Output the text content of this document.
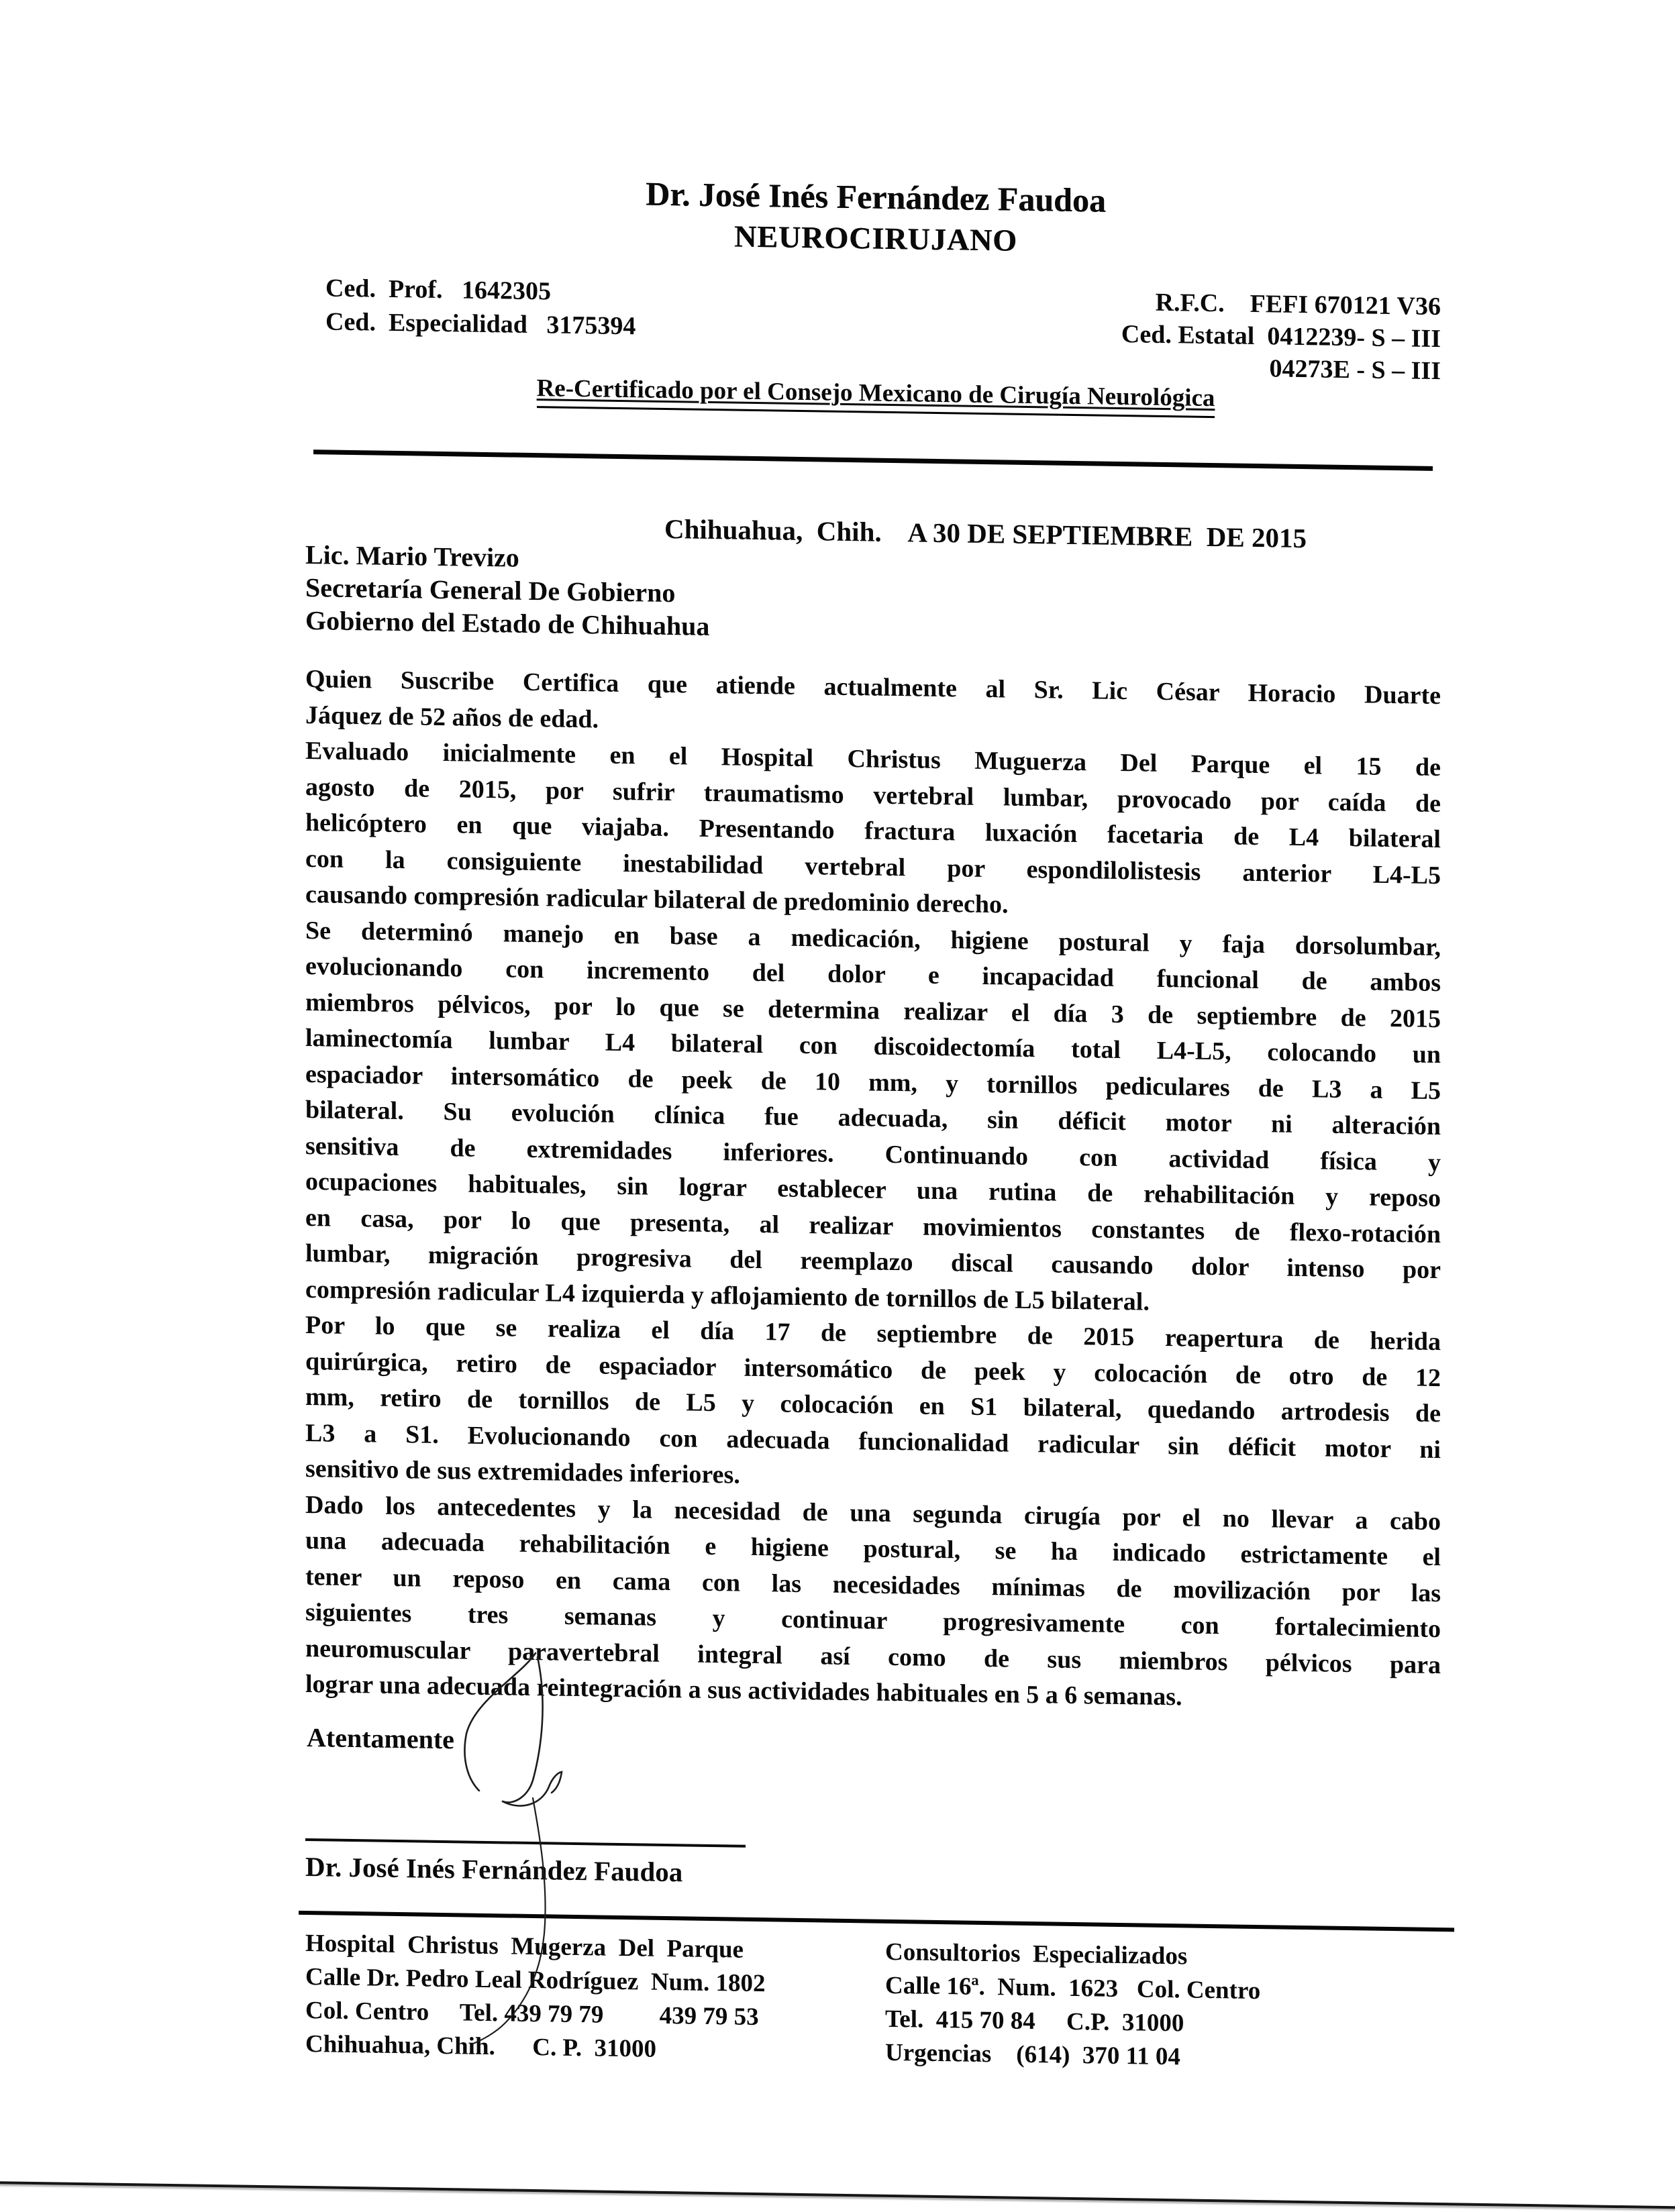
Dr. José Inés Fernández Faudoa
NEUROCIRUJANO
Ced.  Prof.   1642305
Ced.  Especialidad   3175394
R.F.C.    FEFI 670121 V36
Ced. Estatal  0412239- S – III
04273E - S – III
Re-Certificado por el Consejo Mexicano de Cirugía Neurológica
Chihuahua,  Chih.    A 30 DE SEPTIEMBRE  DE 2015
Lic. Mario Trevizo
Secretaría General De Gobierno
Gobierno del Estado de Chihuahua
Quien Suscribe Certifica que atiende actualmente al Sr. Lic César Horacio Duarte
Jáquez de 52 años de edad.
Evaluado inicialmente en el Hospital Christus Muguerza Del Parque el 15 de
agosto de 2015, por sufrir traumatismo vertebral lumbar, provocado por caída de
helicóptero en que viajaba. Presentando fractura luxación facetaria de L4 bilateral
con la consiguiente inestabilidad vertebral por espondilolistesis anterior L4-L5
causando compresión radicular bilateral de predominio derecho.
Se determinó manejo en base a medicación, higiene postural y faja dorsolumbar,
evolucionando con incremento del dolor e incapacidad funcional de ambos
miembros pélvicos, por lo que se determina realizar el día 3 de septiembre de 2015
laminectomía lumbar L4 bilateral con discoidectomía total L4-L5, colocando un
espaciador intersomático de peek de 10 mm, y tornillos pediculares de L3 a L5
bilateral. Su evolución clínica fue adecuada, sin déficit motor ni alteración
sensitiva de extremidades inferiores. Continuando con actividad física y
ocupaciones habituales, sin lograr establecer una rutina de rehabilitación y reposo
en casa, por lo que presenta, al realizar movimientos constantes de flexo-rotación
lumbar, migración progresiva del reemplazo discal causando dolor intenso por
compresión radicular L4 izquierda y aflojamiento de tornillos de L5 bilateral.
Por lo que se realiza el día 17 de septiembre de 2015 reapertura de herida
quirúrgica, retiro de espaciador intersomático de peek y colocación de otro de 12
mm, retiro de tornillos de L5 y colocación en S1 bilateral, quedando artrodesis de
L3 a S1. Evolucionando con adecuada funcionalidad radicular sin déficit motor ni
sensitivo de sus extremidades inferiores.
Dado los antecedentes y la necesidad de una segunda cirugía por el no llevar a cabo
una adecuada rehabilitación e higiene postural, se ha indicado estrictamente el
tener un reposo en cama con las necesidades mínimas de movilización por las
siguientes tres semanas y continuar progresivamente con fortalecimiento
neuromuscular paravertebral integral así como de sus miembros pélvicos para
lograr una adecuada reintegración a sus actividades habituales en 5 a 6 semanas.
Atentamente
Dr. José Inés Fernández Faudoa
Hospital  Christus  Mugerza  Del  Parque
Calle Dr. Pedro Leal Rodríguez  Num. 1802
Col. Centro     Tel. 439 79 79         439 79 53
Chihuahua, Chih.      C. P.  31000
Consultorios  Especializados
Calle 16ª.  Num.  1623   Col. Centro
Tel.  415 70 84     C.P.  31000
Urgencias    (614)  370 11 04
